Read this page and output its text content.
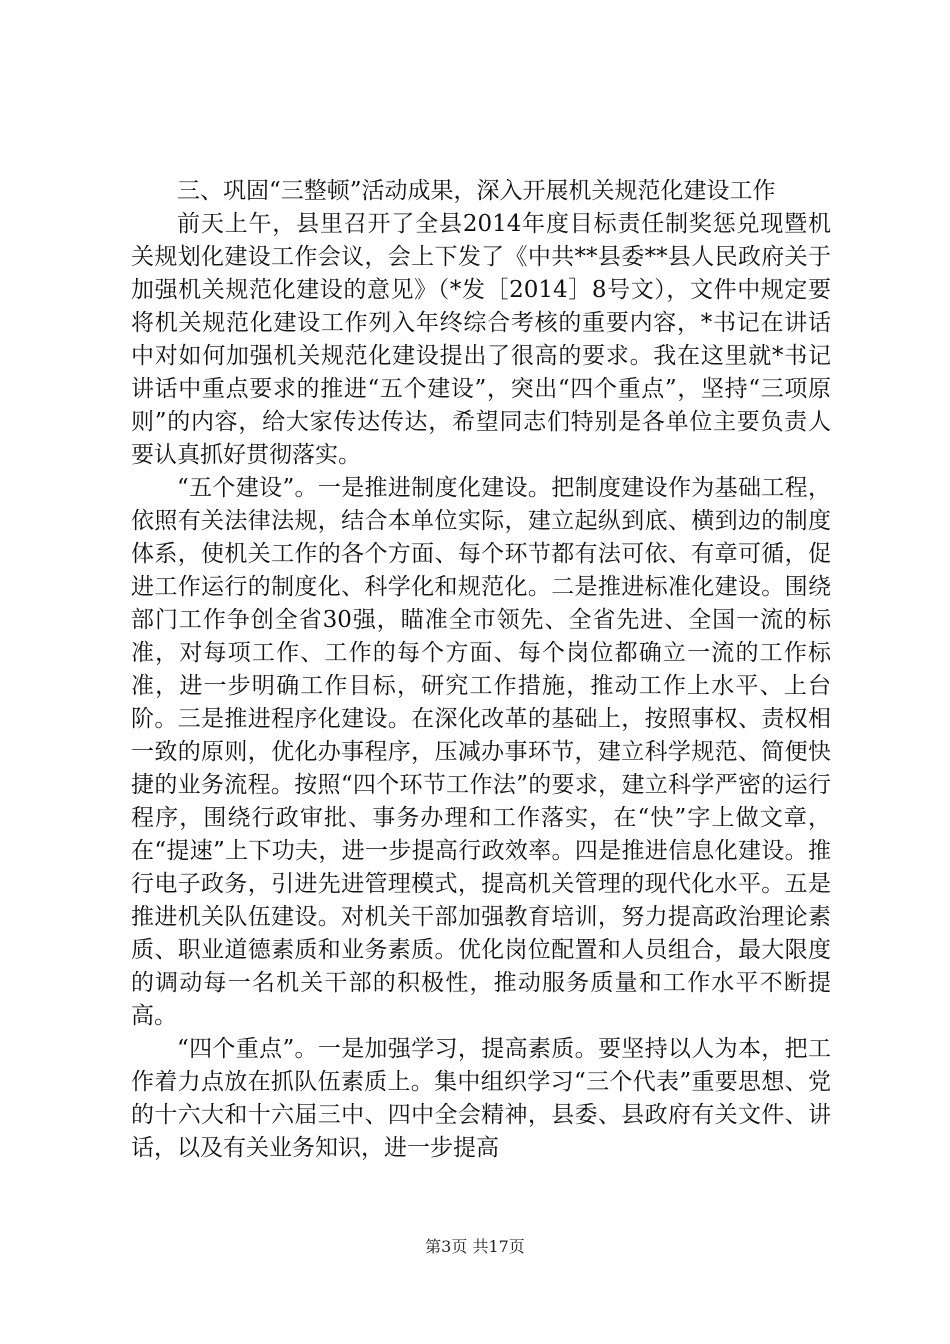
三、巩固“三整顿”活动成果，深入开展机关规范化建设工作

前天上午，县里召开了全县2014年度目标责任制奖惩兑现暨机关规划化建设工作会议，会上下发了《中共**县委**县人民政府关于加强机关规范化建设的意见》（*发［2014］8号文），文件中规定要将机关规范化建设工作列入年终综合考核的重要内容，*书记在讲话中对如何加强机关规范化建设提出了很高的要求。我在这里就*书记讲话中重点要求的推进“五个建设”，突出“四个重点”，坚持“三项原则”的内容，给大家传达传达，希望同志们特别是各单位主要负责人要认真抓好贯彻落实。

“五个建设”。一是推进制度化建设。把制度建设作为基础工程，依照有关法律法规，结合本单位实际，建立起纵到底、横到边的制度体系，使机关工作的各个方面、每个环节都有法可依、有章可循，促进工作运行的制度化、科学化和规范化。二是推进标准化建设。围绕部门工作争创全省30强，瞄准全市领先、全省先进、全国一流的标准，对每项工作、工作的每个方面、每个岗位都确立一流的工作标准，进一步明确工作目标，研究工作措施，推动工作上水平、上台阶。三是推进程序化建设。在深化改革的基础上，按照事权、责权相一致的原则，优化办事程序，压减办事环节，建立科学规范、简便快捷的业务流程。按照“四个环节工作法”的要求，建立科学严密的运行程序，围绕行政审批、事务办理和工作落实，在“快”字上做文章，在“提速”上下功夫，进一步提高行政效率。四是推进信息化建设。推行电子政务，引进先进管理模式，提高机关管理的现代化水平。五是推进机关队伍建设。对机关干部加强教育培训，努力提高政治理论素质、职业道德素质和业务素质。优化岗位配置和人员组合，最大限度的调动每一名机关干部的积极性，推动服务质量和工作水平不断提高。

“四个重点”。一是加强学习，提高素质。要坚持以人为本，把工作着力点放在抓队伍素质上。集中组织学习“三个代表”重要思想、党的十六大和十六届三中、四中全会精神，县委、县政府有关文件、讲话，以及有关业务知识，进一步提高

第3页 共17页
